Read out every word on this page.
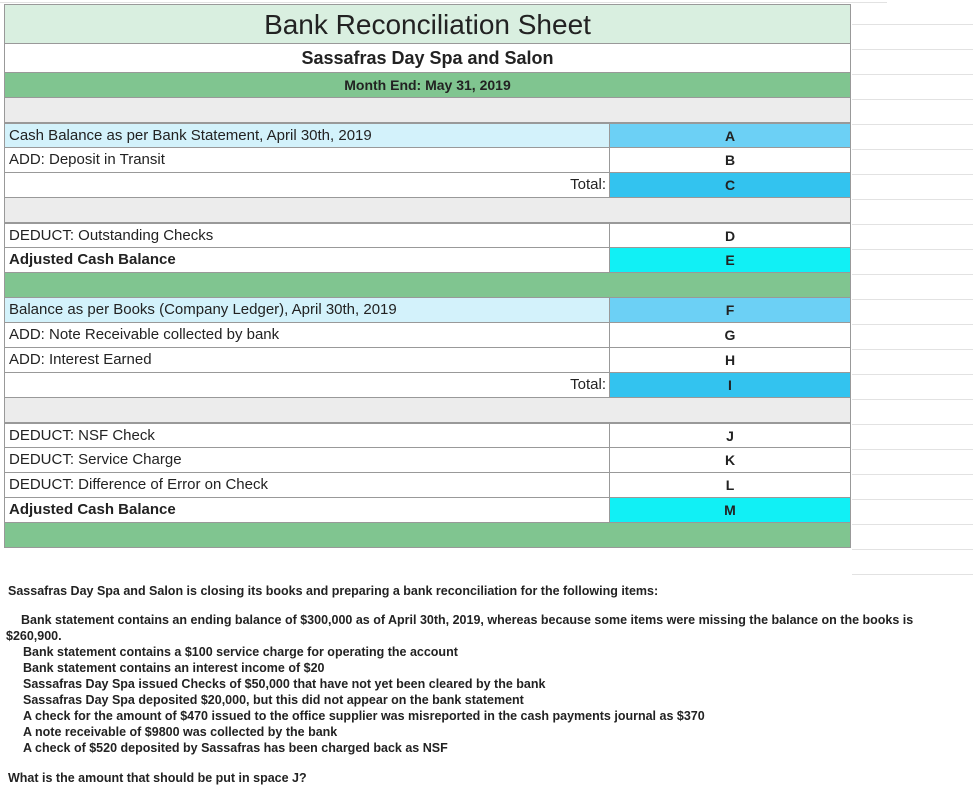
Bank Reconciliation Sheet
Sassafras Day Spa and Salon
Month End: May 31, 2019
Cash Balance as per Bank Statement, April 30th, 2019	A
ADD: Deposit in Transit	B
Total:	C
DEDUCT: Outstanding Checks	D
Adjusted Cash Balance	E
Balance as per Books (Company Ledger), April 30th, 2019	F
ADD: Note Receivable collected by bank	G
ADD: Interest Earned	H
Total:	I
DEDUCT: NSF Check	J
DEDUCT: Service Charge	K
DEDUCT: Difference of Error on Check	L
Adjusted Cash Balance	M

Sassafras Day Spa and Salon is closing its books and preparing a bank reconciliation for the following items:

Bank statement contains an ending balance of $300,000 as of April 30th, 2019, whereas because some items were missing the balance on the books is $260,900.

Bank statement contains a $100 service charge for operating the account

Bank statement contains an interest income of $20

Sassafras Day Spa issued Checks of $50,000 that have not yet been cleared by the bank

Sassafras Day Spa deposited $20,000, but this did not appear on the bank statement

A check for the amount of $470 issued to the office supplier was misreported in the cash payments journal as $370

A note receivable of $9800 was collected by the bank

A check of $520 deposited by Sassafras has been charged back as NSF

What is the amount that should be put in space J?
